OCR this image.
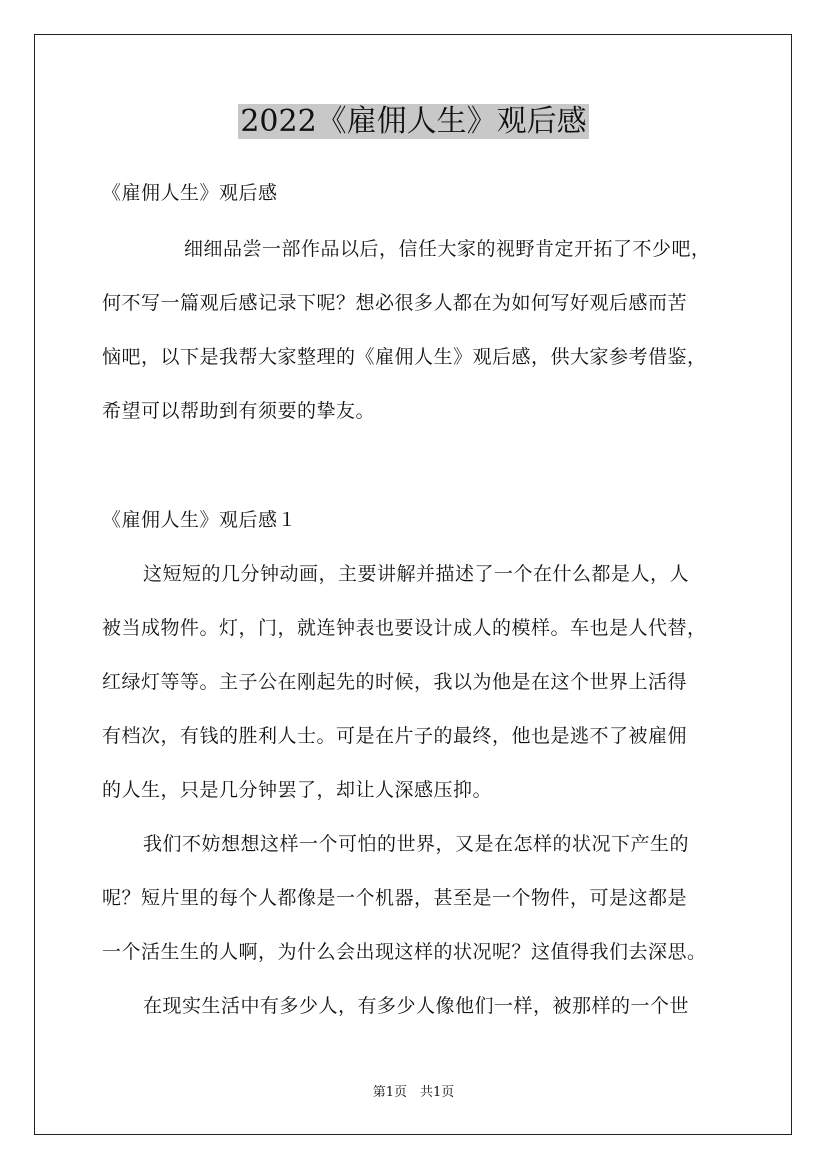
2022《雇佣人生》观后感
《雇佣人生》观后感
细细品尝一部作品以后，信任大家的视野肯定开拓了不少吧，
何不写一篇观后感记录下呢？想必很多人都在为如何写好观后感而苦
恼吧，以下是我帮大家整理的《雇佣人生》观后感，供大家参考借鉴，
希望可以帮助到有须要的挚友。
《雇佣人生》观后感１
这短短的几分钟动画，主要讲解并描述了一个在什么都是人，人
被当成物件。灯，门，就连钟表也要设计成人的模样。车也是人代替，
红绿灯等等。主子公在刚起先的时候，我以为他是在这个世界上活得
有档次，有钱的胜利人士。可是在片子的最终，他也是逃不了被雇佣
的人生，只是几分钟罢了，却让人深感压抑。
我们不妨想想这样一个可怕的世界，又是在怎样的状况下产生的
呢？短片里的每个人都像是一个机器，甚至是一个物件，可是这都是
一个活生生的人啊，为什么会出现这样的状况呢？这值得我们去深思。
在现实生活中有多少人，有多少人像他们一样，被那样的一个世
第1页　共1页
